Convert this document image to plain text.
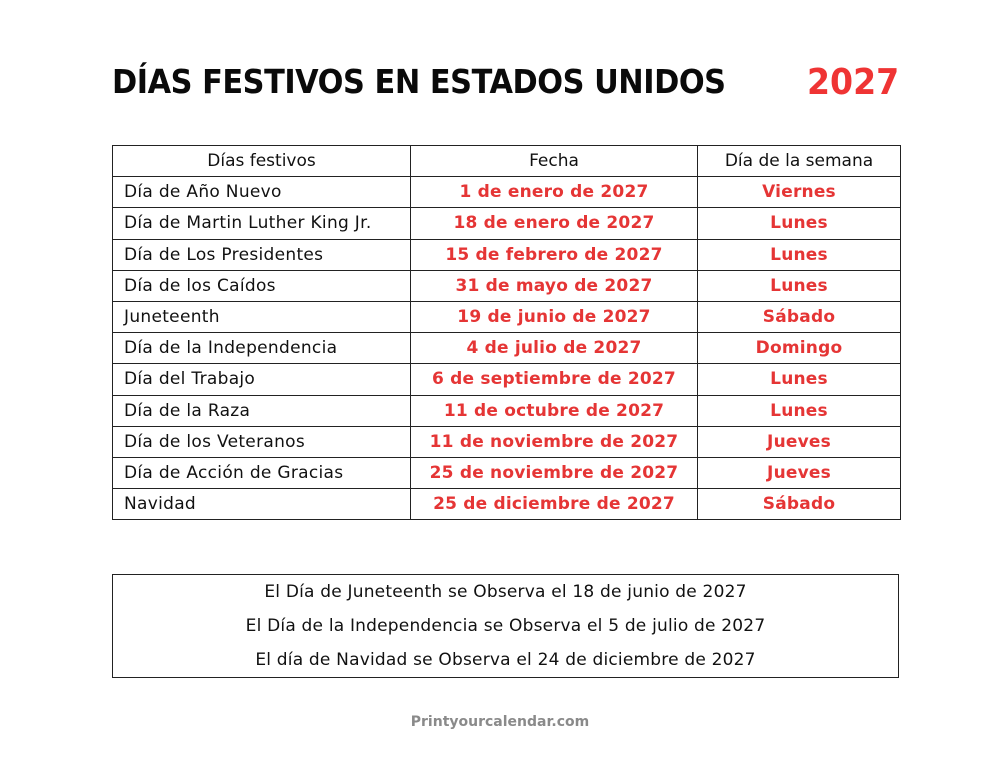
DÍAS FESTIVOS EN ESTADOS UNIDOS 2027
Días festivos	Fecha	Día de la semana
Día de Año Nuevo	1 de enero de 2027	Viernes
Día de Martin Luther King Jr.	18 de enero de 2027	Lunes
Día de Los Presidentes	15 de febrero de 2027	Lunes
Día de los Caídos	31 de mayo de 2027	Lunes
Juneteenth	19 de junio de 2027	Sábado
Día de la Independencia	4 de julio de 2027	Domingo
Día del Trabajo	6 de septiembre de 2027	Lunes
Día de la Raza	11 de octubre de 2027	Lunes
Día de los Veteranos	11 de noviembre de 2027	Jueves
Día de Acción de Gracias	25 de noviembre de 2027	Jueves
Navidad	25 de diciembre de 2027	Sábado
El Día de Juneteenth se Observa el 18 de junio de 2027
El Día de la Independencia se Observa el 5 de julio de 2027
El día de Navidad se Observa el 24 de diciembre de 2027
Printyourcalendar.com
